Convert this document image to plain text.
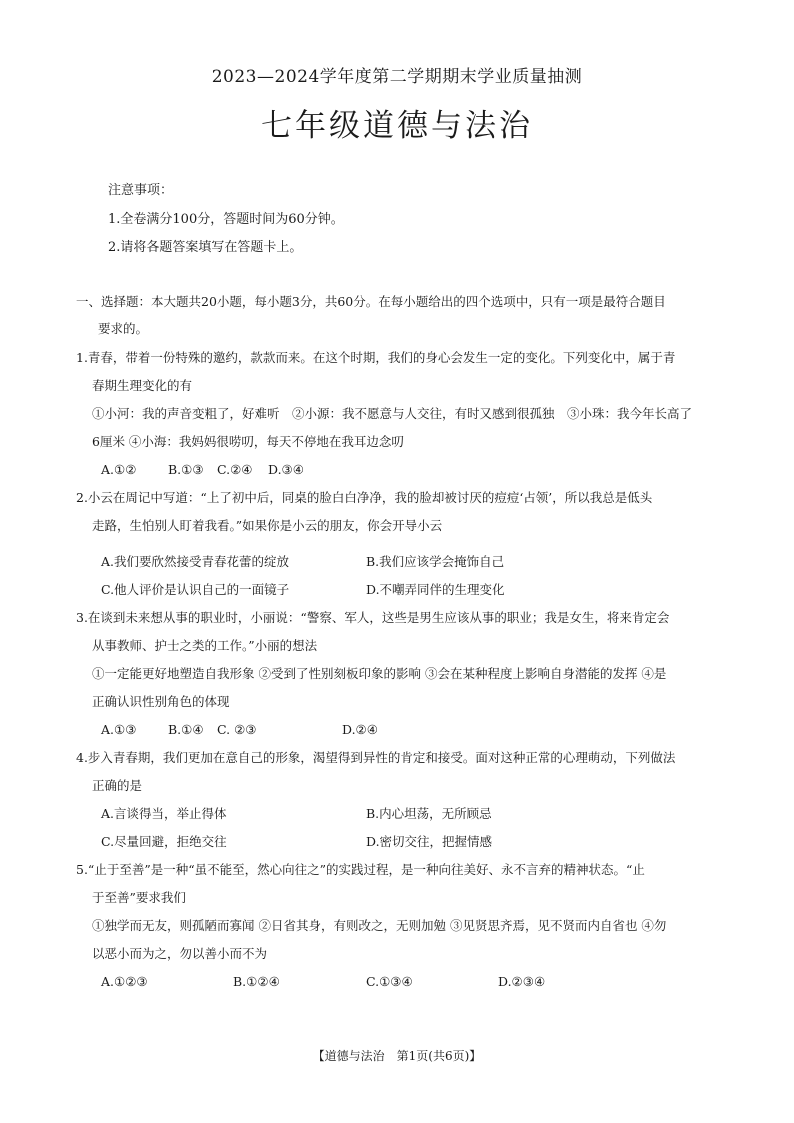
2023—2024学年度第二学期期末学业质量抽测
七年级道德与法治
注意事项：
1.全卷满分100分，答题时间为60分钟。
2.请将各题答案填写在答题卡上。
一、选择题：本大题共20小题，每小题3分，共60分。在每小题给出的四个选项中，只有一项是最符合题目
要求的。
1.青春，带着一份特殊的邀约，款款而来。在这个时期，我们的身心会发生一定的变化。下列变化中，属于青
春期生理变化的有
①小河：我的声音变粗了，好难听　②小源：我不愿意与人交往，有时又感到很孤独　③小珠：我今年长高了
6厘米 ④小海：我妈妈很唠叨，每天不停地在我耳边念叨
A.①②	B.①③ C.②④ D.③④
2.小云在周记中写道：“上了初中后，同桌的脸白白净净，我的脸却被讨厌的痘痘‘占领’，所以我总是低头
走路，生怕别人盯着我看。”如果你是小云的朋友，你会开导小云
A.我们要欣然接受青春花蕾的绽放	B.我们应该学会掩饰自己
C.他人评价是认识自己的一面镜子	D.不嘲弄同伴的生理变化
3.在谈到未来想从事的职业时，小丽说：“警察、军人，这些是男生应该从事的职业；我是女生，将来肯定会
从事教师、护士之类的工作。”小丽的想法
①一定能更好地塑造自我形象 ②受到了性别刻板印象的影响 ③会在某种程度上影响自身潜能的发挥 ④是
正确认识性别角色的体现
A.①③	B.①④ C. ②③	D.②④
4.步入青春期，我们更加在意自己的形象，渴望得到异性的肯定和接受。面对这种正常的心理萌动，下列做法
正确的是
A.言谈得当，举止得体	B.内心坦荡，无所顾忌
C.尽量回避，拒绝交往	D.密切交往，把握情感
5.“止于至善”是一种“虽不能至，然心向往之”的实践过程，是一种向往美好、永不言弃的精神状态。“止
于至善”要求我们
①独学而无友，则孤陋而寡闻 ②日省其身，有则改之，无则加勉 ③见贤思齐焉，见不贤而内自省也 ④勿
以恶小而为之，勿以善小而不为
A.①②③	B.①②④	C.①③④	D.②③④
【道德与法治　第1页(共6页)】
